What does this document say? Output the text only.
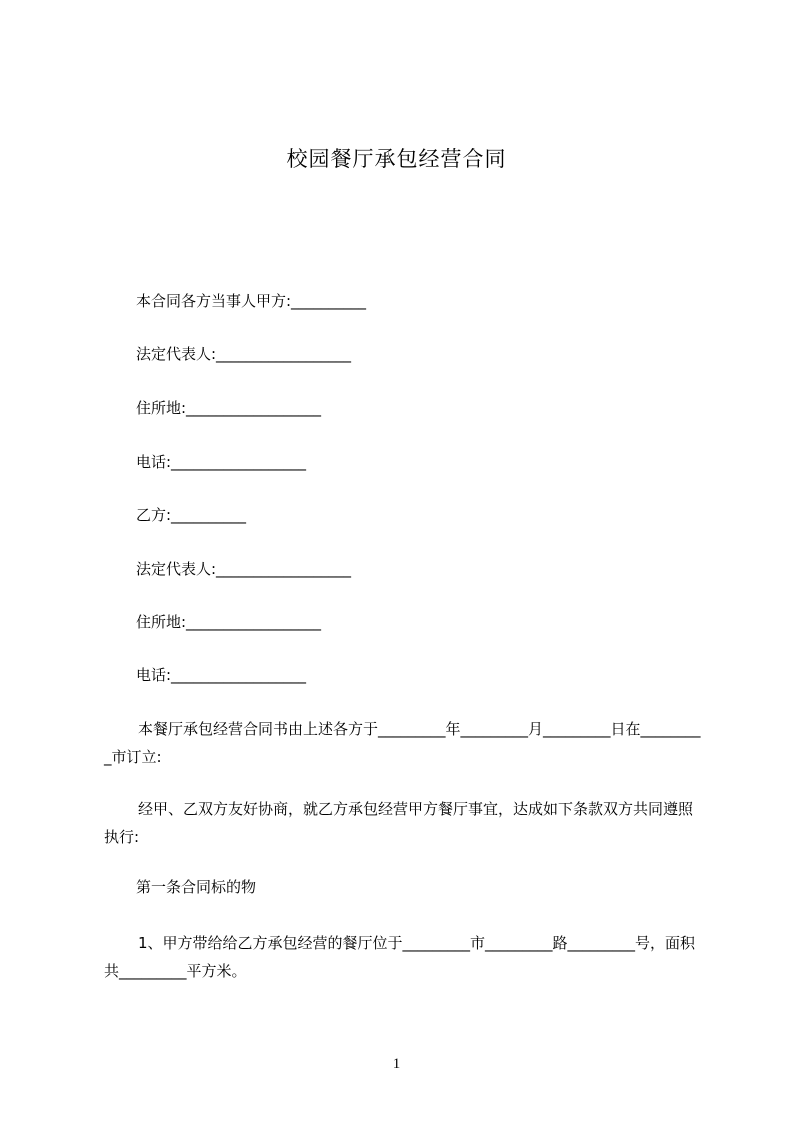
校园餐厅承包经营合同
本合同各方当事人甲方:__________
法定代表人:__________________
住所地:__________________
电话:__________________
乙方:__________
法定代表人:__________________
住所地:__________________
电话:__________________
本餐厅承包经营合同书由上述各方于_________年_________月_________日在_________市订立:
经甲、乙双方友好协商，就乙方承包经营甲方餐厅事宜，达成如下条款双方共同遵照执行:
第一条合同标的物
1、甲方带给给乙方承包经营的餐厅位于_________市_________路_________号，面积共_________平方米。
1
